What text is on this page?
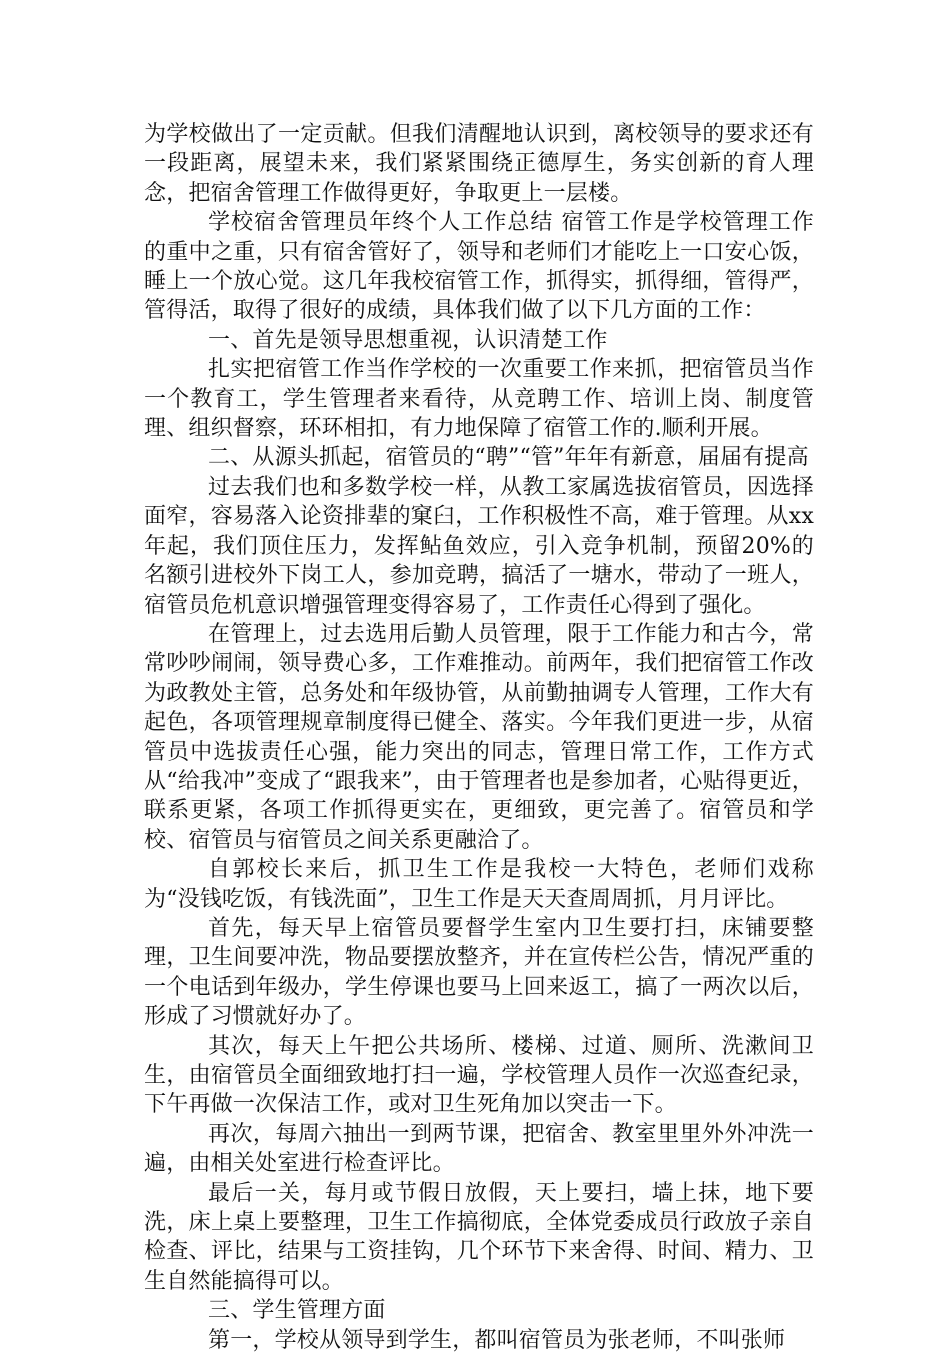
为学校做出了一定贡献。但我们清醒地认识到，离校领导的要求还有一段距离，展望未来，我们紧紧围绕正德厚生，务实创新的育人理念，把宿舍管理工作做得更好，争取更上一层楼。

学校宿舍管理员年终个人工作总结 宿管工作是学校管理工作的重中之重，只有宿舍管好了，领导和老师们才能吃上一口安心饭，睡上一个放心觉。这几年我校宿管工作，抓得实，抓得细，管得严，管得活，取得了很好的成绩，具体我们做了以下几方面的工作：

一、首先是领导思想重视，认识清楚工作

扎实把宿管工作当作学校的一次重要工作来抓，把宿管员当作一个教育工，学生管理者来看待，从竞聘工作、培训上岗、制度管理、组织督察，环环相扣，有力地保障了宿管工作的.顺利开展。

二、从源头抓起，宿管员的“聘”“管”年年有新意，届届有提高

过去我们也和多数学校一样，从教工家属选拔宿管员，因选择面窄，容易落入论资排辈的窠臼，工作积极性不高，难于管理。从xx年起，我们顶住压力，发挥鲇鱼效应，引入竞争机制，预留20%的名额引进校外下岗工人，参加竞聘，搞活了一塘水，带动了一班人，宿管员危机意识增强管理变得容易了，工作责任心得到了强化。

在管理上，过去选用后勤人员管理，限于工作能力和古今，常常吵吵闹闹，领导费心多，工作难推动。前两年，我们把宿管工作改为政教处主管，总务处和年级协管，从前勤抽调专人管理，工作大有起色，各项管理规章制度得已健全、落实。今年我们更进一步，从宿管员中选拔责任心强，能力突出的同志，管理日常工作，工作方式从“给我冲”变成了“跟我来”，由于管理者也是参加者，心贴得更近，联系更紧，各项工作抓得更实在，更细致，更完善了。宿管员和学校、宿管员与宿管员之间关系更融洽了。

自郭校长来后，抓卫生工作是我校一大特色，老师们戏称为“没钱吃饭，有钱洗面”，卫生工作是天天查周周抓，月月评比。

首先，每天早上宿管员要督学生室内卫生要打扫，床铺要整理，卫生间要冲洗，物品要摆放整齐，并在宣传栏公告，情况严重的一个电话到年级办，学生停课也要马上回来返工，搞了一两次以后，形成了习惯就好办了。

其次，每天上午把公共场所、楼梯、过道、厕所、洗漱间卫生，由宿管员全面细致地打扫一遍，学校管理人员作一次巡查纪录，下午再做一次保洁工作，或对卫生死角加以突击一下。

再次，每周六抽出一到两节课，把宿舍、教室里里外外冲洗一遍，由相关处室进行检查评比。

最后一关，每月或节假日放假，天上要扫，墙上抹，地下要洗，床上桌上要整理，卫生工作搞彻底，全体党委成员行政放子亲自检查、评比，结果与工资挂钩，几个环节下来舍得、时间、精力、卫生自然能搞得可以。

三、学生管理方面

第一，学校从领导到学生，都叫宿管员为张老师，不叫张师
